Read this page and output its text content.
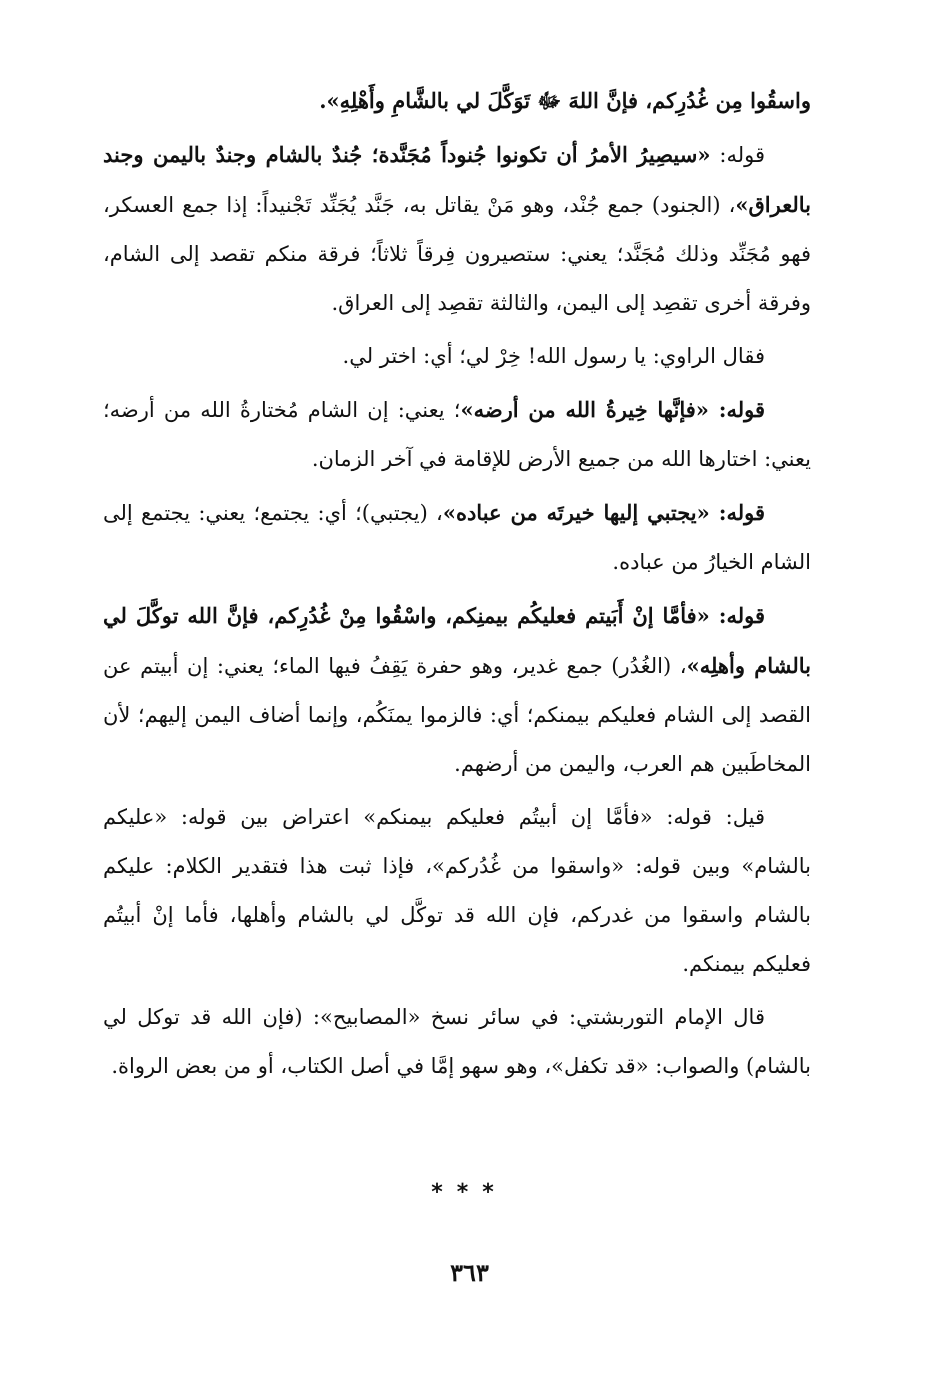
واسقُوا مِن غُدُرِكم، فإنَّ اللهَ ﷻ تَوَكَّلَ لي بالشَّامِ وأَهْلِهِ».

قوله: «سيصِيرُ الأمرُ أن تكونوا جُنوداً مُجَنَّدة؛ جُندٌ بالشام وجندٌ باليمن وجند بالعراق»، (الجنود) جمع جُنْد، وهو مَنْ يقاتل به، جَنَّد يُجَنِّد تَجْنيداً: إذا جمع العسكر، فهو مُجَنِّد وذلك مُجَنَّد؛ يعني: ستصيرون فِرقاً ثلاثاً؛ فرقة منكم تقصد إلى الشام، وفرقة أخرى تقصِد إلى اليمن، والثالثة تقصِد إلى العراق.

فقال الراوي: يا رسول الله! خِرْ لي؛ أي: اختر لي.

قوله: «فإنَّها خِيرةُ الله من أرضه»؛ يعني: إن الشام مُختارةُ الله من أرضه؛ يعني: اختارها الله من جميع الأرض للإقامة في آخر الزمان.

قوله: «يجتبي إليها خيرتَه من عباده»، (يجتبي)؛ أي: يجتمع؛ يعني: يجتمع إلى الشام الخيارُ من عباده.

قوله: «فأمَّا إنْ أَبَيتم فعليكُم بيمنِكم، واسْقُوا مِنْ غُدُرِكم، فإنَّ الله توكَّلَ لي بالشام وأهلِه»، (الغُدُر) جمع غدير، وهو حفرة يَقِفُ فيها الماء؛ يعني: إن أبيتم عن القصد إلى الشام فعليكم بيمنكم؛ أي: فالزموا يمنَكُم، وإنما أضاف اليمن إليهم؛ لأن المخاطَبين هم العرب، واليمن من أرضهم.

قيل: قوله: «فأمَّا إن أبيتُم فعليكم بيمنكم» اعتراض بين قوله: «عليكم بالشام» وبين قوله: «واسقوا من غُدُركم»، فإذا ثبت هذا فتقدير الكلام: عليكم بالشام واسقوا من غدركم، فإن الله قد توكَّل لي بالشام وأهلها، فأما إنْ أبيتُم فعليكم بيمنكم.

قال الإمام التوربشتي: في سائر نسخ «المصابيح»: (فإن الله قد توكل لي بالشام) والصواب: «قد تكفل»، وهو سهو إمَّا في أصل الكتاب، أو من بعض الرواة.

***
٣٦٣
